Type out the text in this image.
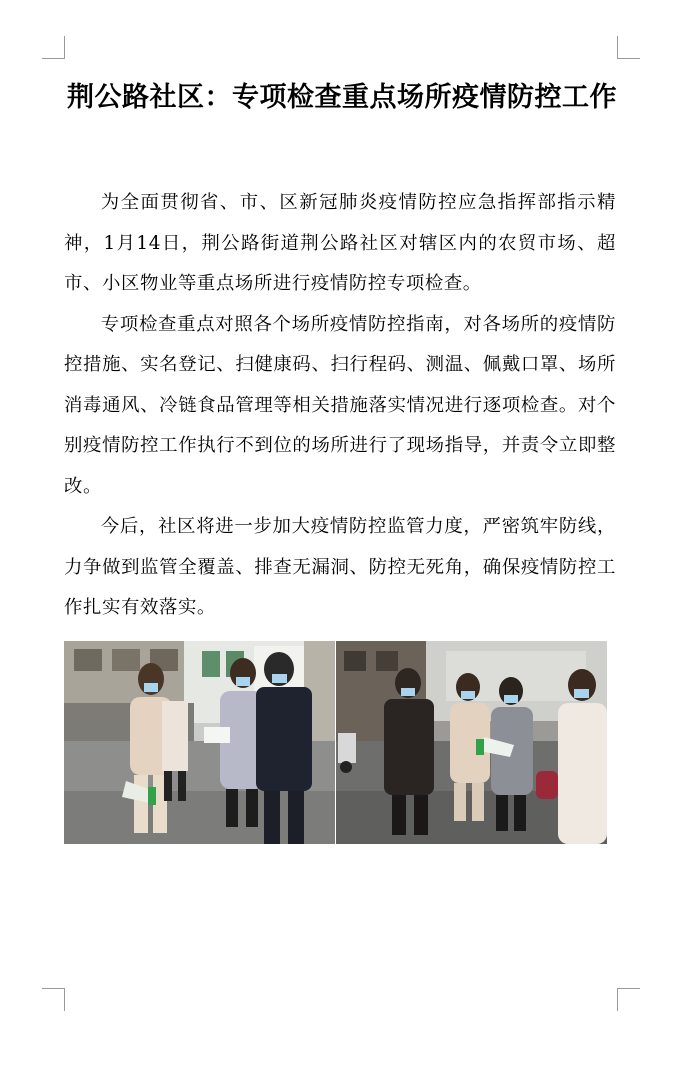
荆公路社区：专项检查重点场所疫情防控工作

为全面贯彻省、市、区新冠肺炎疫情防控应急指挥部指示精神，1月14日，荆公路街道荆公路社区对辖区内的农贸市场、超市、小区物业等重点场所进行疫情防控专项检查。

专项检查重点对照各个场所疫情防控指南，对各场所的疫情防控措施、实名登记、扫健康码、扫行程码、测温、佩戴口罩、场所消毒通风、冷链食品管理等相关措施落实情况进行逐项检查。对个别疫情防控工作执行不到位的场所进行了现场指导，并责令立即整改。

今后，社区将进一步加大疫情防控监管力度，严密筑牢防线，力争做到监管全覆盖、排查无漏洞、防控无死角，确保疫情防控工作扎实有效落实。
